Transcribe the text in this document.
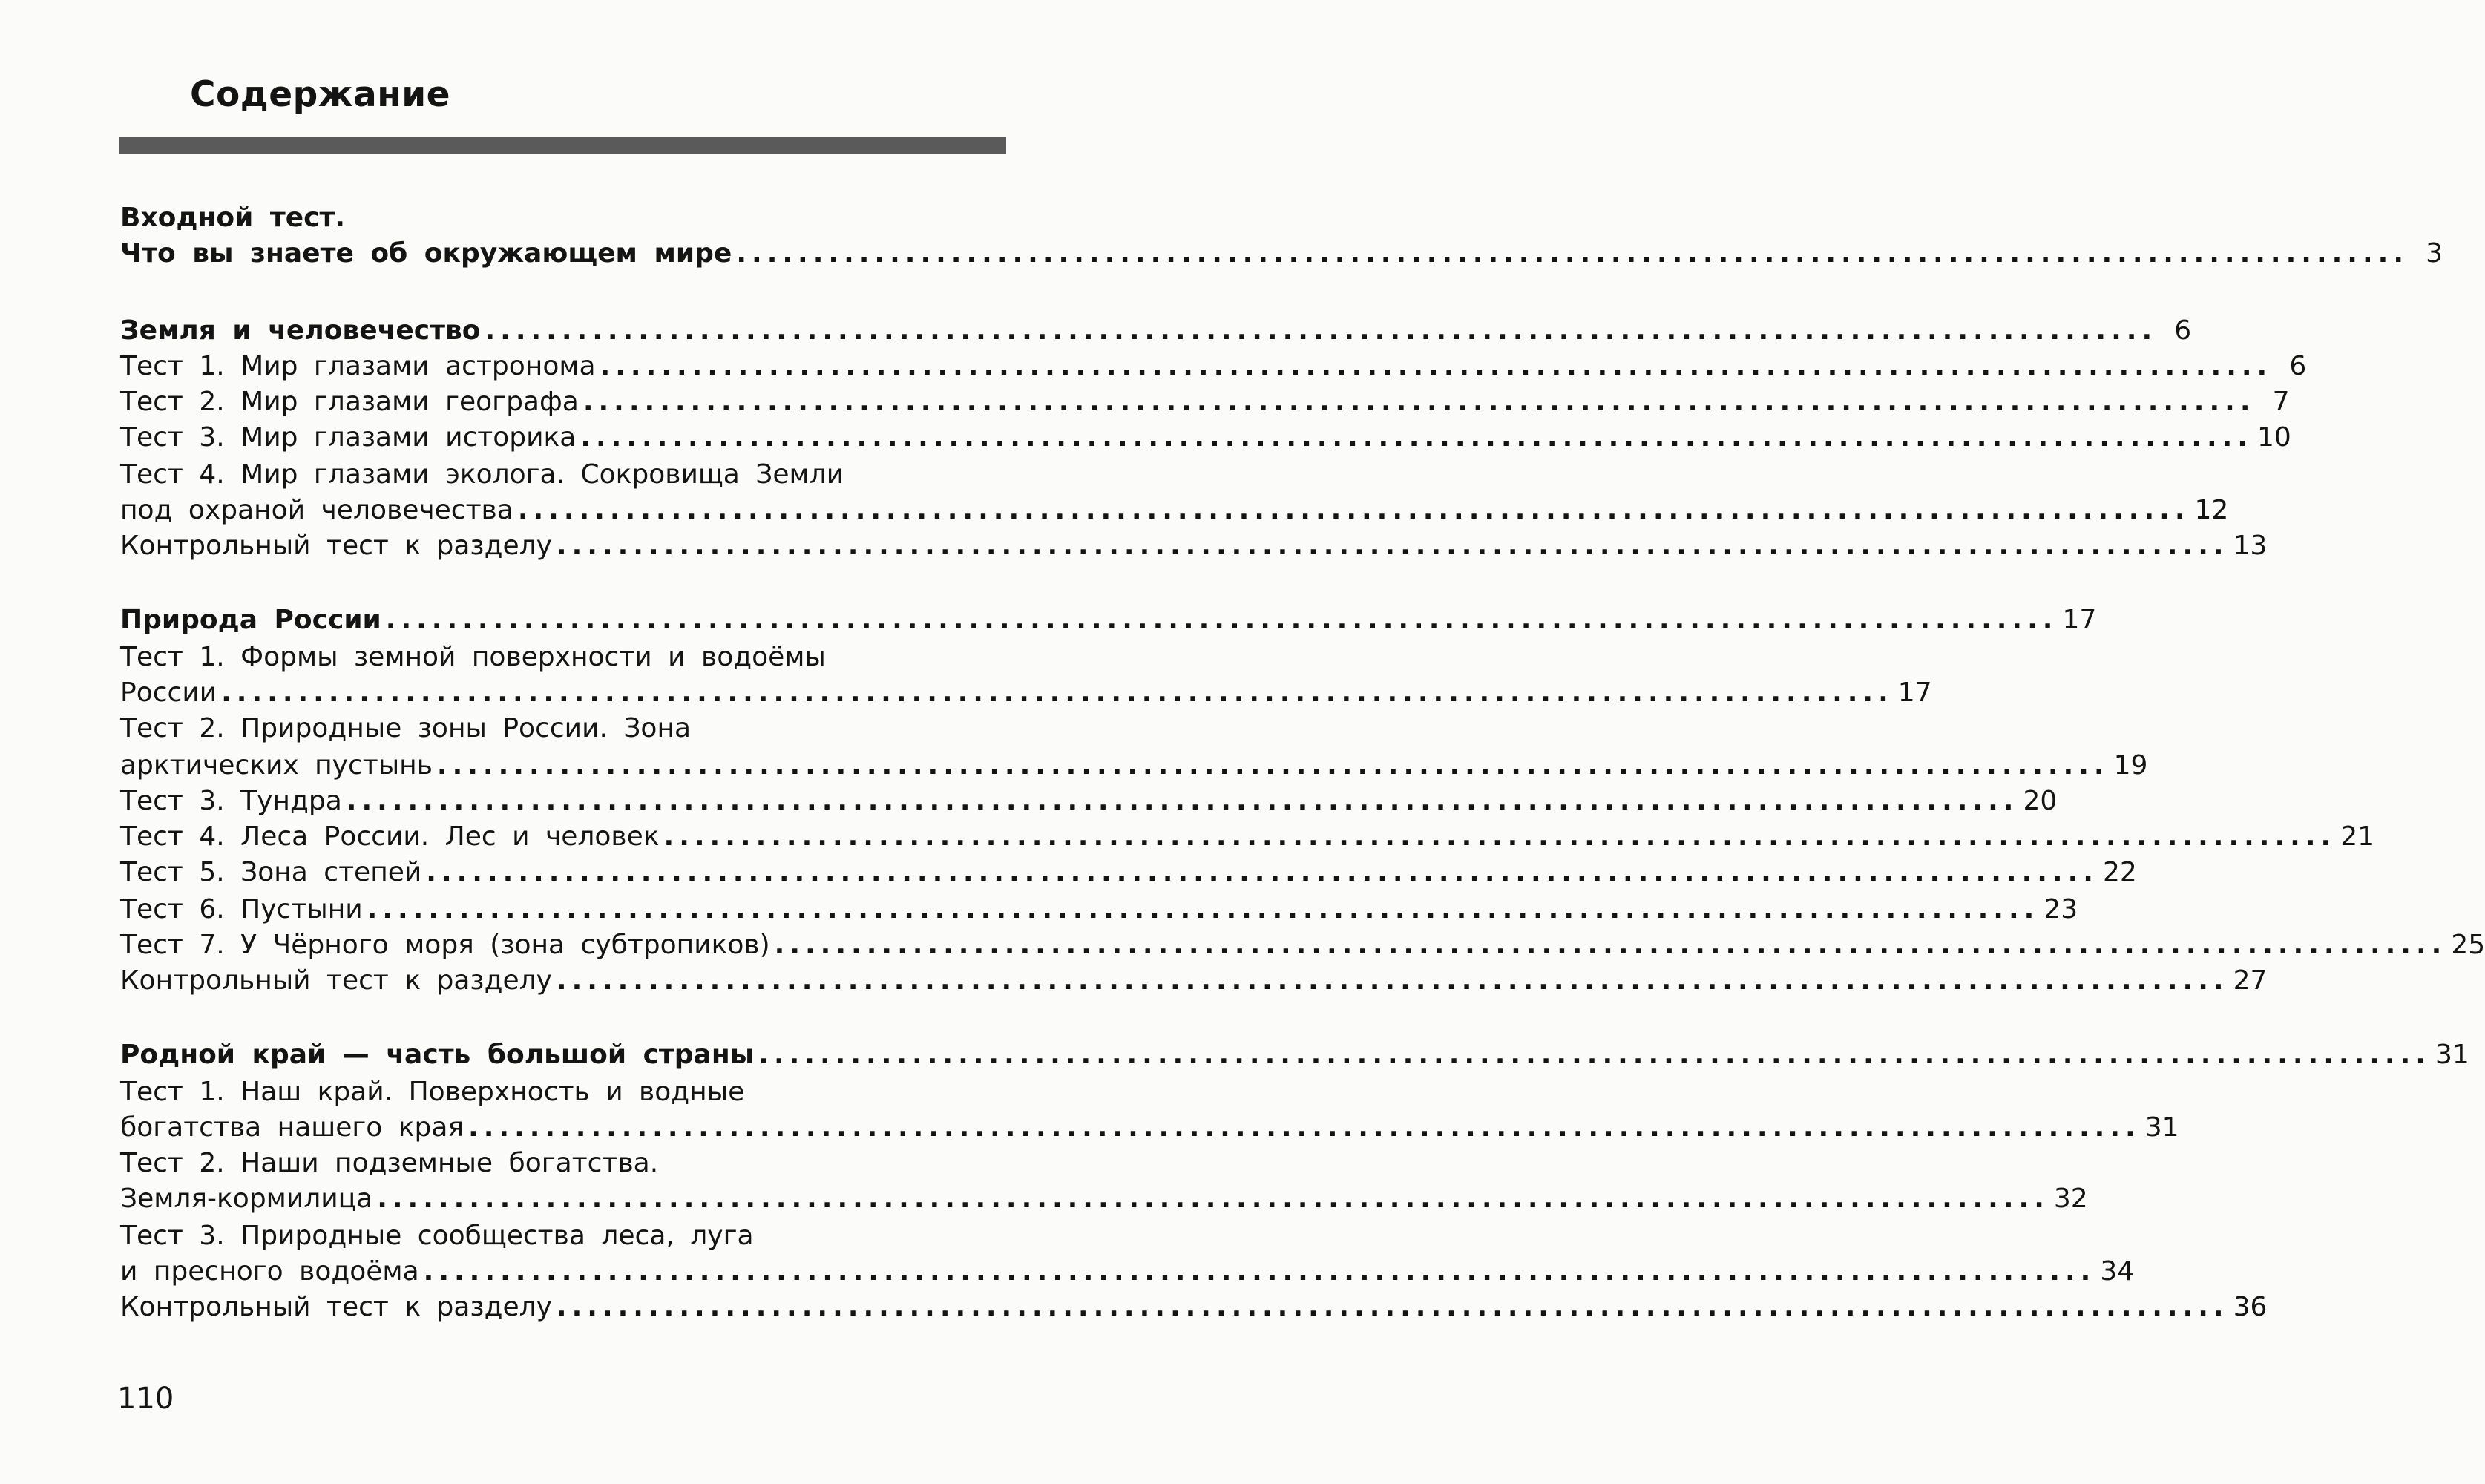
Содержание
Входной тест.
Что вы знаете об окружающем мире ............................................................................................................. 3
Земля и человечество ............................................................................................................. 6
Тест 1. Мир глазами астронома ............................................................................................................. 6
Тест 2. Мир глазами географа ............................................................................................................. 7
Тест 3. Мир глазами историка ............................................................................................................. 10
Тест 4. Мир глазами эколога. Сокровища Земли
под охраной человечества ............................................................................................................. 12
Контрольный тест к разделу ............................................................................................................. 13
Природа России ............................................................................................................. 17
Тест 1. Формы земной поверхности и водоёмы
России ............................................................................................................. 17
Тест 2. Природные зоны России. Зона
арктических пустынь ............................................................................................................. 19
Тест 3. Тундра ............................................................................................................. 20
Тест 4. Леса России. Лес и человек ............................................................................................................. 21
Тест 5. Зона степей ............................................................................................................. 22
Тест 6. Пустыни ............................................................................................................. 23
Тест 7. У Чёрного моря (зона субтропиков) ............................................................................................................. 25
Контрольный тест к разделу ............................................................................................................. 27
Родной край — часть большой страны ............................................................................................................. 31
Тест 1. Наш край. Поверхность и водные
богатства нашего края ............................................................................................................. 31
Тест 2. Наши подземные богатства.
Земля-кормилица ............................................................................................................. 32
Тест 3. Природные сообщества леса, луга
и пресного водоёма ............................................................................................................. 34
Контрольный тест к разделу ............................................................................................................. 36
110
